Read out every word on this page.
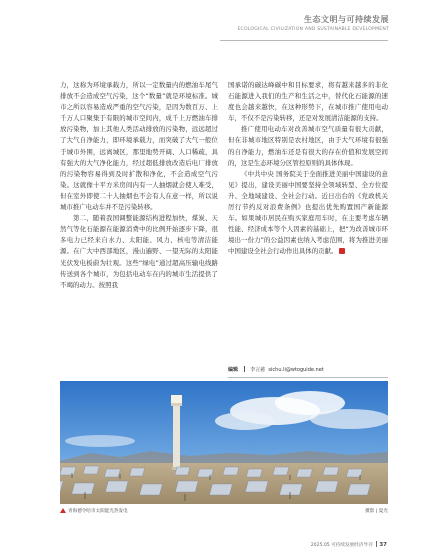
生态文明与可持续发展
ECOLOGICAL CIVILIZATION AND SUSTAINABLE DEVELOPMENT

力，这称为环境承载力，所以一定数量内的燃油车尾气排放不会造成空气污染，这个“数量”就是环境标准。城市之所以容易造成严重的空气污染，是因为数百万、上千万人口聚集于有限的城市空间内，成千上万燃油车排放污染物，加上其他人类活动排放的污染物，远远超过了大气自净能力，即环境承载力，而突破了大气一般位于城市外围，远离城区，那里地势开阔、人口稀疏，具有强大的大气净化能力，经过超低排放改造后电厂排放的污染物容易得到及时扩散和净化，不会造成空气污染。这就像十平方米房间内有一人抽烟就会使人难受，但在室外即使二十人抽烟也不会有人在意一样，所以说城市推广电动车并不是污染转移。

第二，随着我国调整能源结构进程加快，煤炭、天然气等化石能源在能源消费中的比例开始逐步下降，很多电力已经来自水力、太阳能、风力、核电等清洁能源。在广大中西部地区，漫山遍野、一望无际的太阳能光伏发电板蔚为壮观。这些“绿电”通过超高压输电线路传送到各个城市，为包括电动车在内的城市生活提供了不竭的动力。按照我

国承诺的碳达峰碳中和目标要求，将有越来越多的非化石能源进入我们的生产和生活之中，替代化石能源的速度也会越来越快，在这种形势下，在城市推广使用电动车，不仅不是污染转移，还是对发展清洁能源的支持。

推广使用电动车对改善城市空气质量有很大贡献，但在非城市地区特别是农村地区，由于大气环境有很强的自净能力，燃油车还是有很大的存在价值和发展空间的，这是生态环境分区管控原则的具体体现。

《中共中央 国务院关于全面推进美丽中国建设的意见》提出，建设美丽中国要坚持全领域转型、全方位提升、全地域建设、全社会行动。近日出台的《党政机关厉行节约反对浪费条例》也提出优先购置国产新能源车。如果城市居民在购买家庭用车时，在主要考虑车辆性能、经济成本等个人因素的基础上，把“为改善城市环境出一份力”的公益因素也纳入考虑范围，将为推进美丽中国建设全社会行动作出具体的贡献。

编辑 李言慈 sichu.li@wtoguide.net
青海德令哈市太阳能光热发电	摄影 | 夏光
2025.05 可持续发展经济导刊 37
